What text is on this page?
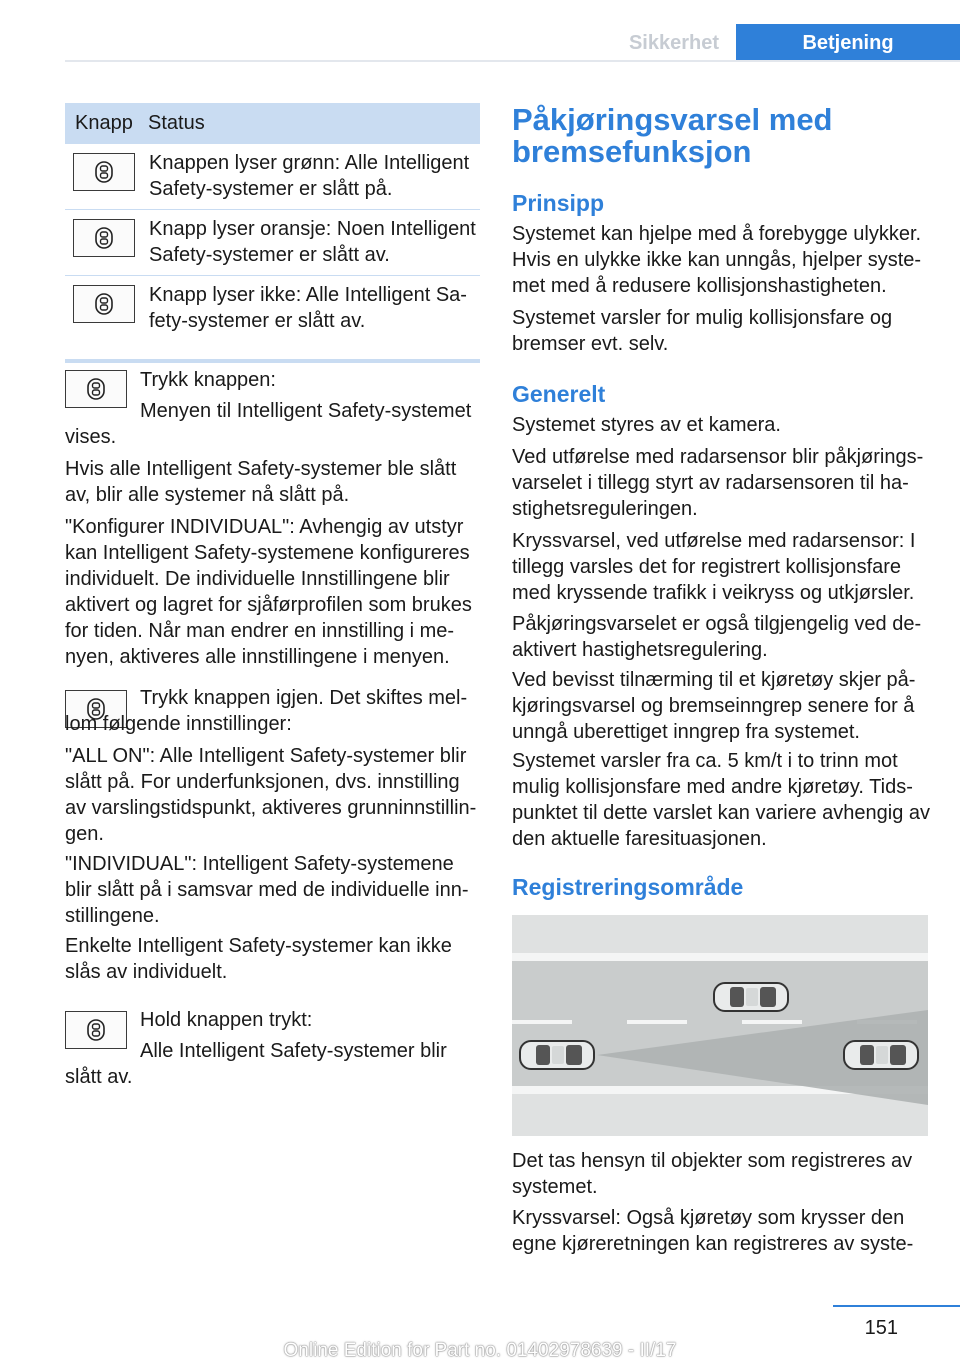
Sikkerhet	Betjening
Knapp Status
Knappen lyser grønn: Alle Intelligent Safety-systemer er slått på.
Knapp lyser oransje: Noen Intelligent Safety-systemer er slått av.
Knapp lyser ikke: Alle Intelligent Sa‐fety-systemer er slått av.

Trykk knappen:

Menyen til Intelligent Safety-systemet vises.

Hvis alle Intelligent Safety-systemer ble slått av, blir alle systemer nå slått på.

"Konfigurer INDIVIDUAL": Avhengig av utstyr kan Intelligent Safety-systemene konfigureres individuelt. De individuelle Innstillingene blir aktivert og lagret for sjåførprofilen som brukes for tiden. Når man endrer en innstilling i me‐nyen, aktiveres alle innstillingene i menyen.

Trykk knappen igjen. Det skiftes mel‐lom følgende innstillinger:

"ALL ON": Alle Intelligent Safety-systemer blir slått på. For underfunksjonen, dvs. innstilling av varslingstidspunkt, aktiveres grunninnstillin‐gen.

"INDIVIDUAL": Intelligent Safety-systemene blir slått på i samsvar med de individuelle inn‐stillingene.

Enkelte Intelligent Safety-systemer kan ikke slås av individuelt.

Hold knappen trykt:

Alle Intelligent Safety-systemer blir slått av.

Påkjøringsvarsel med bremsefunksjon
Prinsipp

Systemet kan hjelpe med å forebygge ulykker. Hvis en ulykke ikke kan unngås, hjelper syste‐met med å redusere kollisjonshastigheten.

Systemet varsler for mulig kollisjonsfare og bremser evt. selv.

Generelt

Systemet styres av et kamera.

Ved utførelse med radarsensor blir påkjørings‐varselet i tillegg styrt av radarsensoren til ha‐stighetsreguleringen.

Kryssvarsel, ved utførelse med radarsensor: I tillegg varsles det for registrert kollisjonsfare med kryssende trafikk i veikryss og utkjørsler.

Påkjøringsvarselet er også tilgjengelig ved de‐aktivert hastighetsregulering.

Ved bevisst tilnærming til et kjøretøy skjer på‐kjøringsvarsel og bremseinngrep senere for å unngå uberettiget inngrep fra systemet.

Systemet varsler fra ca. 5 km/t i to trinn mot mulig kollisjonsfare med andre kjøretøy. Tids‐punktet til dette varslet kan variere avhengig av den aktuelle faresituasjonen.

Registreringsområde

Det tas hensyn til objekter som registreres av systemet.

Kryssvarsel: Også kjøretøy som krysser den egne kjøreretningen kan registreres av syste‐

151
Online Edition for Part no. 01402978639 - II/17
